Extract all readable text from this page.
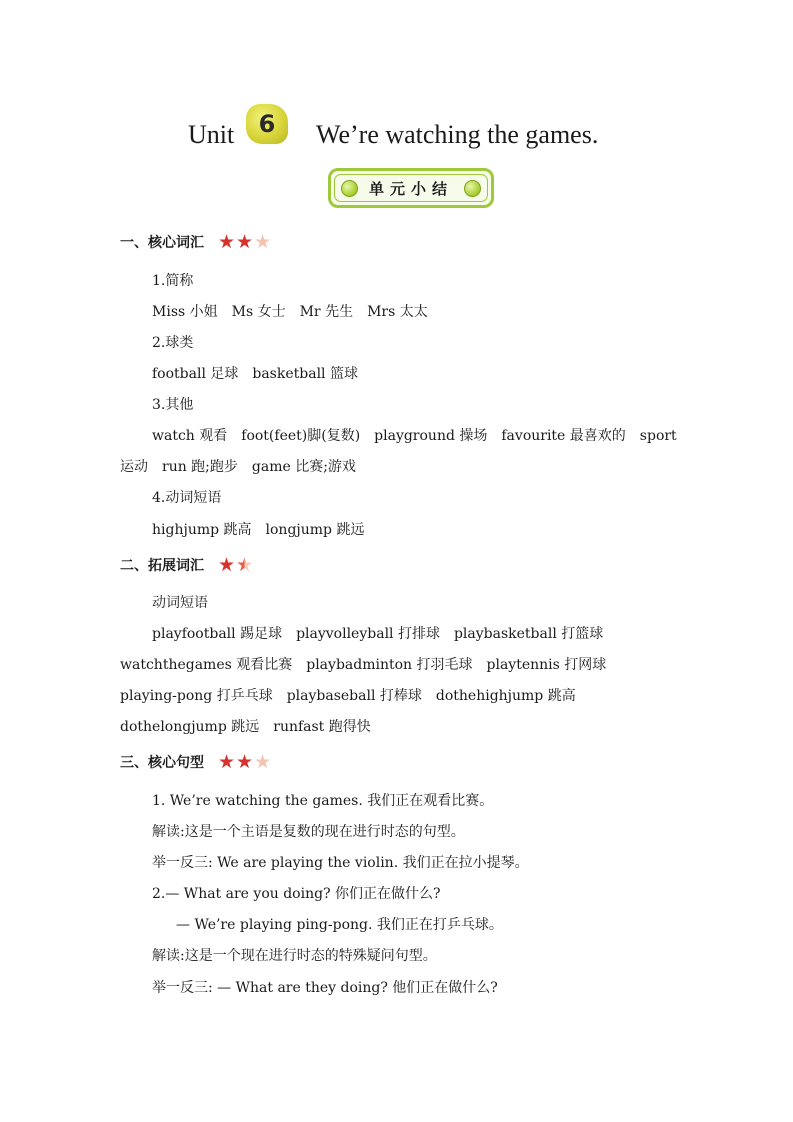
Unit	6	We’re watching the games.
单元小结
一、核心词汇 ★ ★ ★
1.简称
Miss 小姐　Ms 女士　Mr 先生　Mrs 太太
2.球类
football 足球　basketball 篮球
3.其他
watch 观看　foot(feet)脚(复数)　playground 操场　favourite 最喜欢的　sport
运动　run 跑;跑步　game 比赛;游戏
4.动词短语
highjump 跳高　longjump 跳远
二、拓展词汇 ★ ★
动词短语
playfootball 踢足球　playvolleyball 打排球　playbasketball 打篮球
watchthegames 观看比赛　playbadminton 打羽毛球　playtennis 打网球
playing-pong 打乒乓球　playbaseball 打棒球　dothehighjump 跳高
dothelongjump 跳远　runfast 跑得快
三、核心句型 ★ ★ ★
1. We’re watching the games. 我们正在观看比赛。
解读:这是一个主语是复数的现在进行时态的句型。
举一反三: We are playing the violin. 我们正在拉小提琴。
2.— What are you doing? 你们正在做什么?
— We’re playing ping-pong. 我们正在打乒乓球。
解读:这是一个现在进行时态的特殊疑问句型。
举一反三: — What are they doing? 他们正在做什么?
